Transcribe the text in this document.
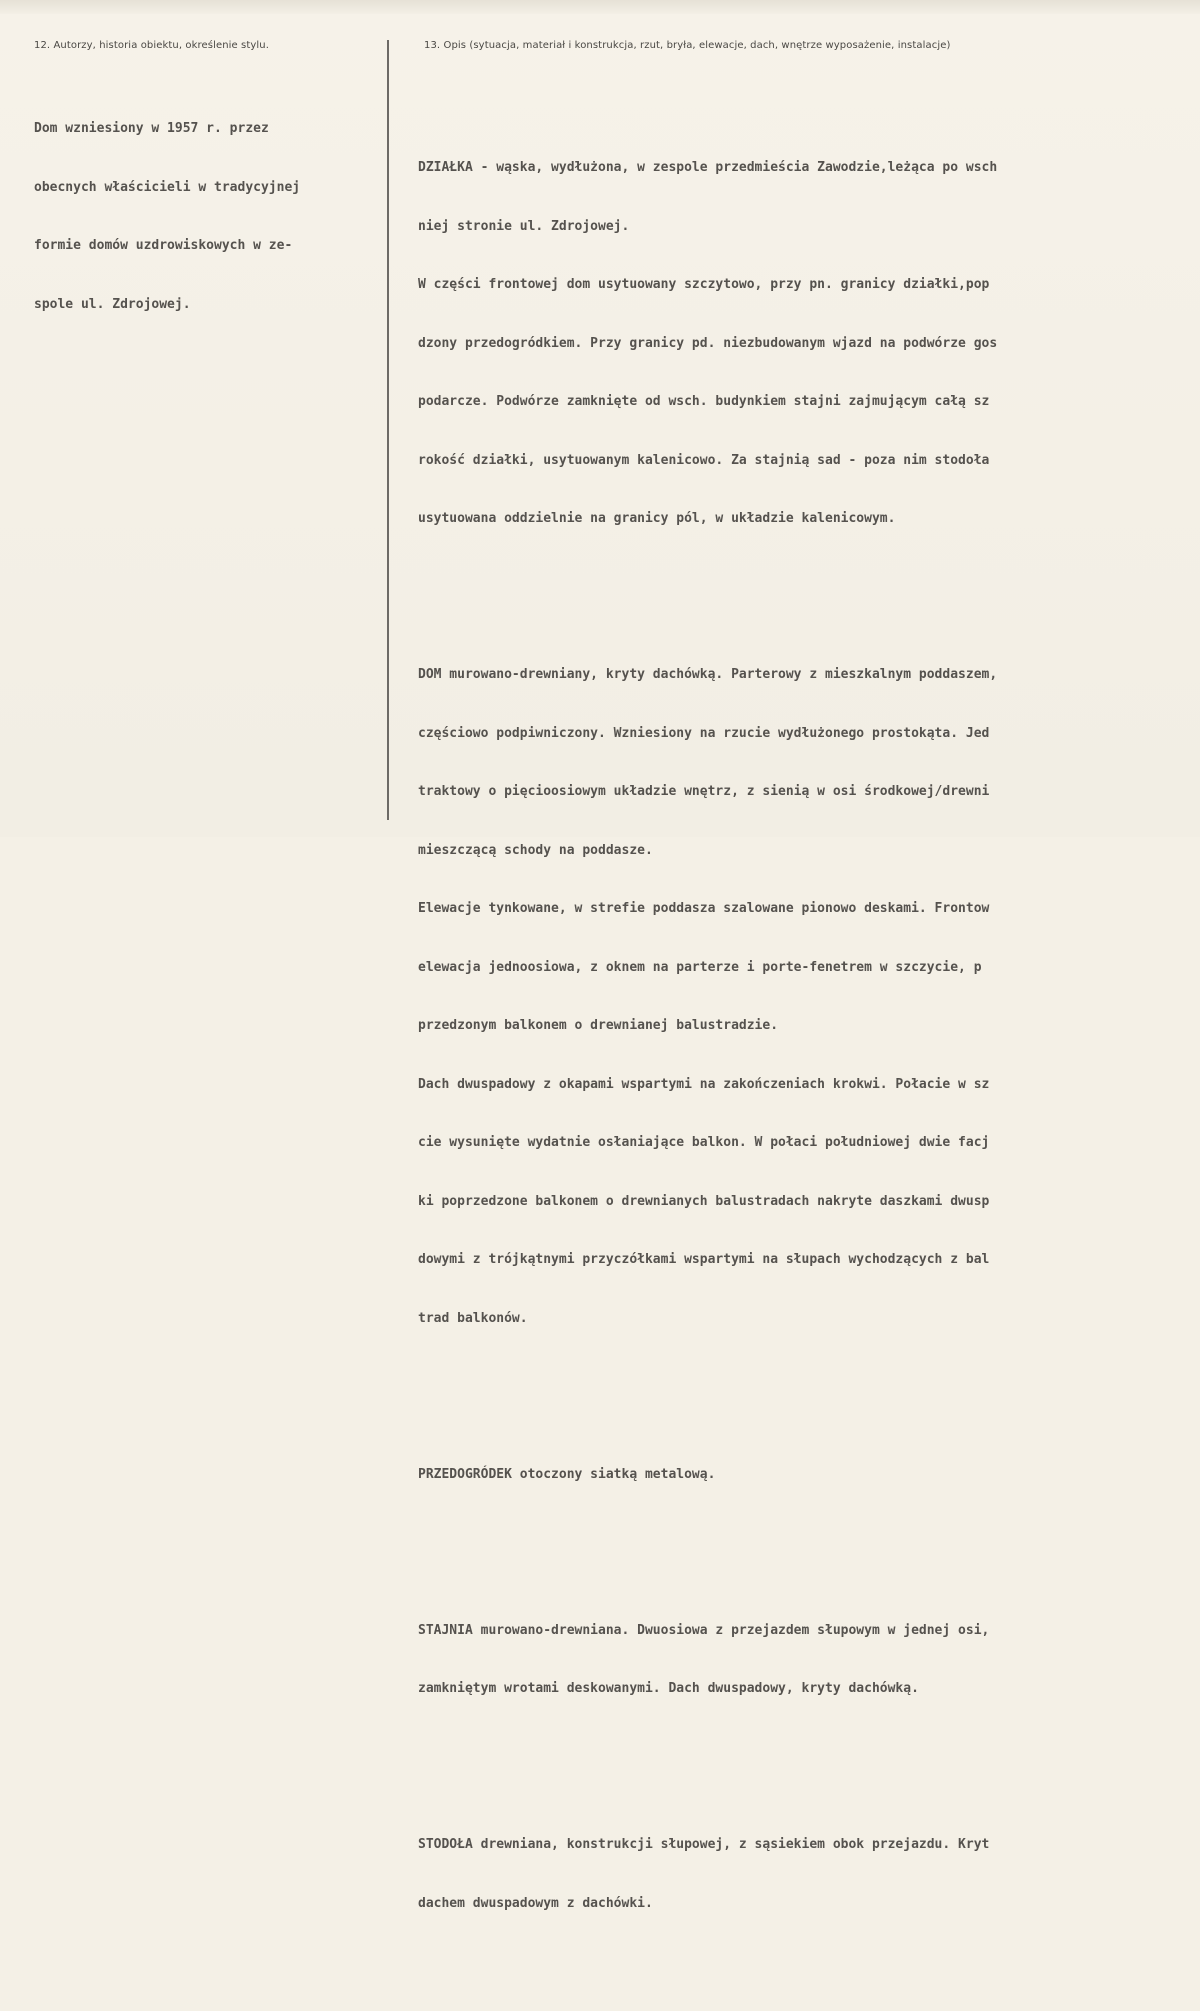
12. Autorzy, historia obiektu, określenie stylu.	13. Opis (sytuacja, materiał i konstrukcja, rzut, bryła, elewacje, dach, wnętrze wyposażenie, instalacje)

Dom wzniesiony w 1957 r. przez

obecnych właścicieli w tradycyjnej

formie domów uzdrowiskowych w ze-

spole ul. Zdrojowej.

DZIAŁKA - wąska, wydłużona, w zespole przedmieścia Zawodzie,leżąca po wsch

niej stronie ul. Zdrojowej.

W części frontowej dom usytuowany szczytowo, przy pn. granicy działki,pop

dzony przedogródkiem. Przy granicy pd. niezbudowanym wjazd na podwórze gos

podarcze. Podwórze zamknięte od wsch. budynkiem stajni zajmującym całą sz

rokość działki, usytuowanym kalenicowo. Za stajnią sad - poza nim stodoła

usytuowana oddzielnie na granicy pól, w układzie kalenicowym.

DOM murowano-drewniany, kryty dachówką. Parterowy z mieszkalnym poddaszem,

częściowo podpiwniczony. Wzniesiony na rzucie wydłużonego prostokąta. Jed

traktowy o pięcioosiowym układzie wnętrz, z sienią w osi środkowej/drewni

mieszczącą schody na poddasze.

Elewacje tynkowane, w strefie poddasza szalowane pionowo deskami. Frontow

elewacja jednoosiowa, z oknem na parterze i porte-fenetrem w szczycie, p

przedzonym balkonem o drewnianej balustradzie.

Dach dwuspadowy z okapami wspartymi na zakończeniach krokwi. Połacie w sz

cie wysunięte wydatnie osłaniające balkon. W połaci południowej dwie facj

ki poprzedzone balkonem o drewnianych balustradach nakryte daszkami dwusp

dowymi z trójkątnymi przyczółkami wspartymi na słupach wychodzących z bal

trad balkonów.

PRZEDOGRÓDEK otoczony siatką metalową.

STAJNIA murowano-drewniana. Dwuosiowa z przejazdem słupowym w jednej osi,

zamkniętym wrotami deskowanymi. Dach dwuspadowy, kryty dachówką.

STODOŁA drewniana, konstrukcji słupowej, z sąsiekiem obok przejazdu. Kryt

dachem dwuspadowym z dachówki.
